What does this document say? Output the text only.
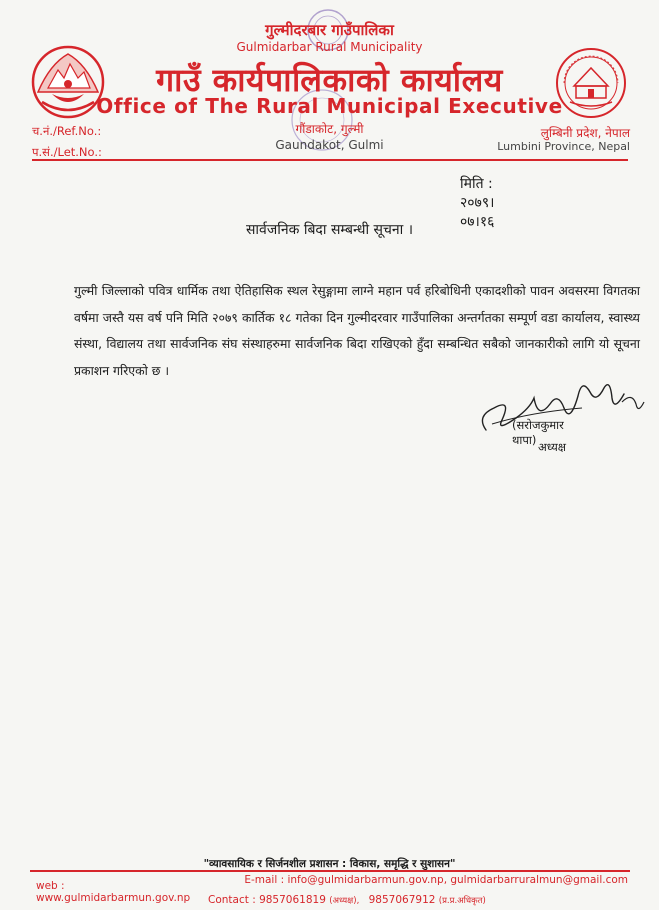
गुल्मीदरबार गाउँपालिका
Gulmidarbar Rural Municipality
गाउँ कार्यपालिकाको कार्यालय
Office of The Rural Municipal Executive
गौंडाकोट, गुल्मी
Gaundakot, Gulmi
च.नं./Ref.No.:
प.सं./Let.No.:
लुम्बिनी प्रदेश, नेपाल
Lumbini Province, Nepal
मिति : २०७९।०७।१६
सार्वजनिक बिदा सम्बन्धी सूचना ।
गुल्मी जिल्लाको पवित्र धार्मिक तथा ऐतिहासिक स्थल रेसुङ्गामा लाग्ने महान पर्व हरिबोधिनी एकादशीको पावन अवसरमा विगतका वर्षमा जस्तै यस वर्ष पनि मिति २०७९ कार्तिक १८ गतेका दिन गुल्मीदरवार गाउँपालिका अन्तर्गतका सम्पूर्ण वडा कार्यालय, स्वास्थ्य संस्था, विद्यालय तथा सार्वजनिक संघ संस्थाहरुमा सार्वजनिक बिदा राखिएको हुँदा सम्बन्धित सबैको जानकारीको लागि यो सूचना प्रकाशन गरिएको छ ।
(सरोजकुमार थापा) अध्यक्ष
"व्यावसायिक र सिर्जनशील प्रशासन : विकास, समृद्धि र सुशासन"
web : www.gulmidarbarmun.gov.np
E-mail : info@gulmidarbarmun.gov.np, gulmidarbarruralmun@gmail.com
Contact : 9857061819 (अध्यक्ष), 9857067912 (प्र.प्र.अधिकृत)
